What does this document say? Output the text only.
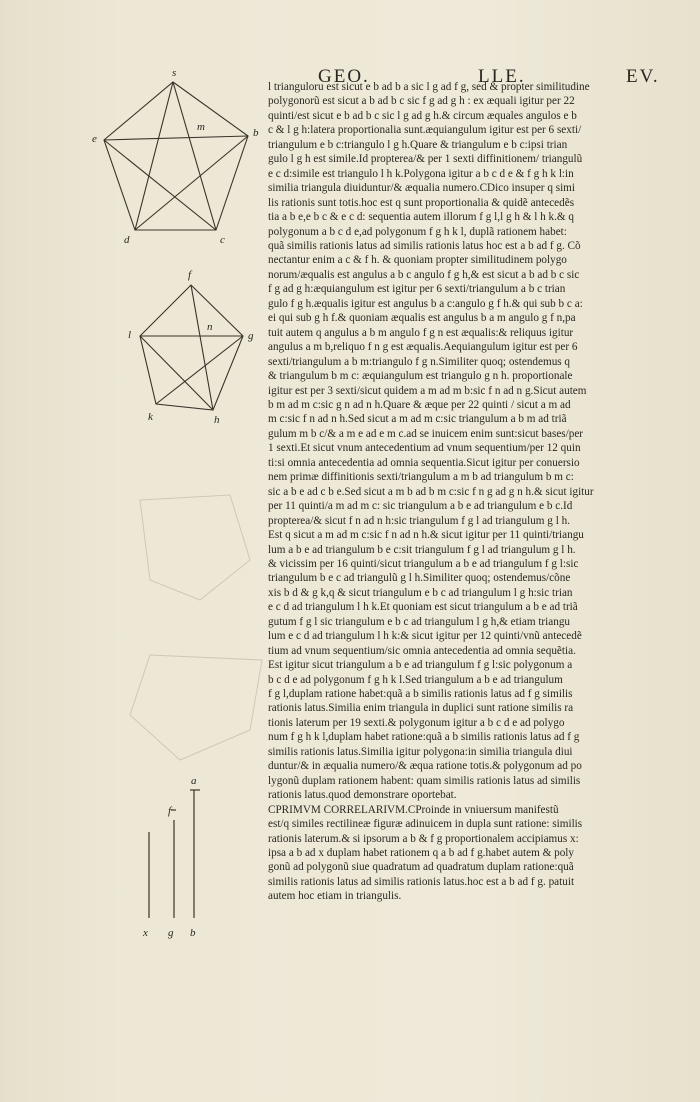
s
e
m	b
d	c
f
l
n
g
k	h
a
f
x g b
GEO.	LLE.	EV.

l trianguloru est sicut e b ad b a sic l g ad f g, sed & propter similitudine
polygonorũ est sicut a b ad b c sic f g ad g h : ex æquali igitur per 22
quinti/est sicut e b ad b c sic l g ad g h.& circum æquales angulos e b
c & l g h:latera proportionalia sunt.æquiangulum igitur est per 6 sexti/
triangulum e b c:triangulo l g h.Quare & triangulum e b c:ipsi trian
gulo l g h est simile.Id propterea/& per 1 sexti diffinitionem/ triangulũ
e c d:simile est triangulo l h k.Polygona igitur a b c d e & f g h k l:in
similia triangula diuiduntur/& æqualia numero.CDico insuper q simi
lis rationis sunt totis.hoc est q sunt proportionalia & quidẽ antecedẽs
tia a b e,e b c & e c d: sequentia autem illorum f g l,l g h & l h k.& q
polygonum a b c d e,ad polygonum f g h k l, duplã rationem habet:
quã similis rationis latus ad similis rationis latus hoc est a b ad f g. Cõ
nectantur enim a c & f h. & quoniam propter similitudinem polygo
norum/æqualis est angulus a b c angulo f g h,& est sicut a b ad b c sic
f g ad g h:æquiangulum est igitur per 6 sexti/triangulum a b c trian
gulo f g h.æqualis igitur est angulus b a c:angulo g f h.& qui sub b c a:
ei qui sub g h f.& quoniam æqualis est angulus b a m angulo g f n,pa
tuit autem q angulus a b m angulo f g n est æqualis:& reliquus igitur
angulus a m b,reliquo f n g est æqualis.Aequiangulum igitur est per 6
sexti/triangulum a b m:triangulo f g n.Similiter quoq; ostendemus q
& triangulum b m c: æquiangulum est triangulo g n h. proportionale
igitur est per 3 sexti/sicut quidem a m ad m b:sic f n ad n g.Sicut autem
b m ad m c:sic g n ad n h.Quare & æque per 22 quinti / sicut a m ad
m c:sic f n ad n h.Sed sicut a m ad m c:sic triangulum a b m ad triã
gulum m b c/& a m e ad e m c.ad se inuicem enim sunt:sicut bases/per
1 sexti.Et sicut vnum antecedentium ad vnum sequentium/per 12 quin
ti:si omnia antecedentia ad omnia sequentia.Sicut igitur per conuersio
nem primæ diffinitionis sexti/triangulum a m b ad triangulum b m c:
sic a b e ad c b e.Sed sicut a m b ad b m c:sic f n g ad g n h.& sicut igitur
per 11 quinti/a m ad m c: sic triangulum a b e ad triangulum e b c.Id
propterea/& sicut f n ad n h:sic triangulum f g l ad triangulum g l h.
Est q sicut a m ad m c:sic f n ad n h.& sicut igitur per 11 quinti/triangu
lum a b e ad triangulum b e c:sit triangulum f g l ad triangulum g l h.
& vicissim per 16 quinti/sicut triangulum a b e ad triangulum f g l:sic
triangulum b e c ad triangulũ g l h.Similiter quoq; ostendemus/cõne
xis b d & g k,q & sicut triangulum e b c ad triangulum l g h:sic trian
e c d ad triangulum l h k.Et quoniam est sicut triangulum a b e ad triã
gutum f g l sic triangulum e b c ad triangulum l g h,& etiam triangu
lum e c d ad triangulum l h k:& sicut igitur per 12 quinti/vnũ antecedẽ
tium ad vnum sequentium/sic omnia antecedentia ad omnia sequẽtia.
Est igitur sicut triangulum a b e ad triangulum f g l:sic polygonum a
b c d e ad polygonum f g h k l.Sed triangulum a b e ad triangulum
f g l,duplam ratione habet:quã a b similis rationis latus ad f g similis
rationis latus.Similia enim triangula in duplici sunt ratione similis ra
tionis laterum per 19 sexti.& polygonum igitur a b c d e ad polygo
num f g h k l,duplam habet ratione:quã a b similis rationis latus ad f g
similis rationis latus.Similia igitur polygona:in similia triangula diui
duntur/& in æqualia numero/& æqua ratione totis.& polygonum ad po
lygonũ duplam rationem habent: quam similis rationis latus ad similis
rationis latus.quod demonstrare oportebat.

CPRIMVM CORRELARIVM.CProinde in vniuersum manifestũ
est/q similes rectilineæ figuræ adinuicem in dupla sunt ratione: similis
rationis laterum.& si ipsorum a b & f g proportionalem accipiamus x:
ipsa a b ad x duplam habet rationem q a b ad f g.habet autem & poly
gonũ ad polygonũ siue quadratum ad quadratum duplam ratione:quã
similis rationis latus ad similis rationis latus.hoc est a b ad f g. patuit
autem hoc etiam in triangulis.
